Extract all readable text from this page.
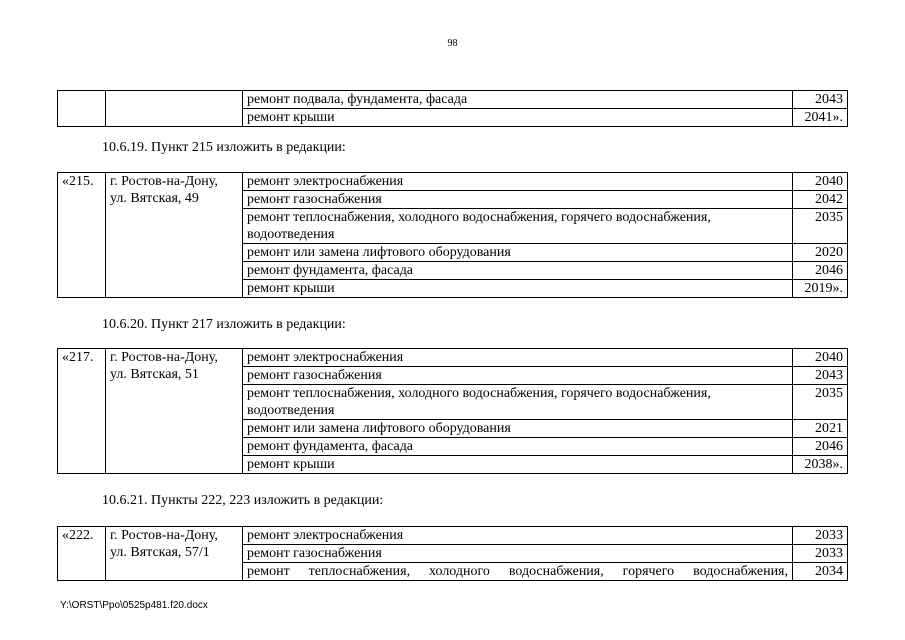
98
		ремонт подвала, фундамента, фасада	2043
		ремонт крыши	2041».
10.6.19. Пункт 215 изложить в редакции:
«215.	г. Ростов-на-Дону,
ул. Вятская, 49	ремонт электроснабжения	2040
		ремонт газоснабжения	2042

		ремонт теплоснабжения, холодного водоснабжения, горячего водоснабжения,
водоотведения	2035
		ремонт или замена лифтового оборудования	2020
		ремонт фундамента, фасада	2046
		ремонт крыши	2019».
10.6.20. Пункт 217 изложить в редакции:
«217.	г. Ростов-на-Дону,
ул. Вятская, 51	ремонт электроснабжения	2040
		ремонт газоснабжения	2043

		ремонт теплоснабжения, холодного водоснабжения, горячего водоснабжения,
водоотведения	2035
		ремонт или замена лифтового оборудования	2021
		ремонт фундамента, фасада	2046
		ремонт крыши	2038».
10.6.21. Пункты 222, 223 изложить в редакции:
«222.	г. Ростов-на-Дону,
ул. Вятская, 57/1	ремонт электроснабжения	2033
		ремонт газоснабжения	2033
		ремонт теплоснабжения, холодного водоснабжения, горячего водоснабжения,	2034
Y:\ORST\Ppo\0525p481.f20.docx
